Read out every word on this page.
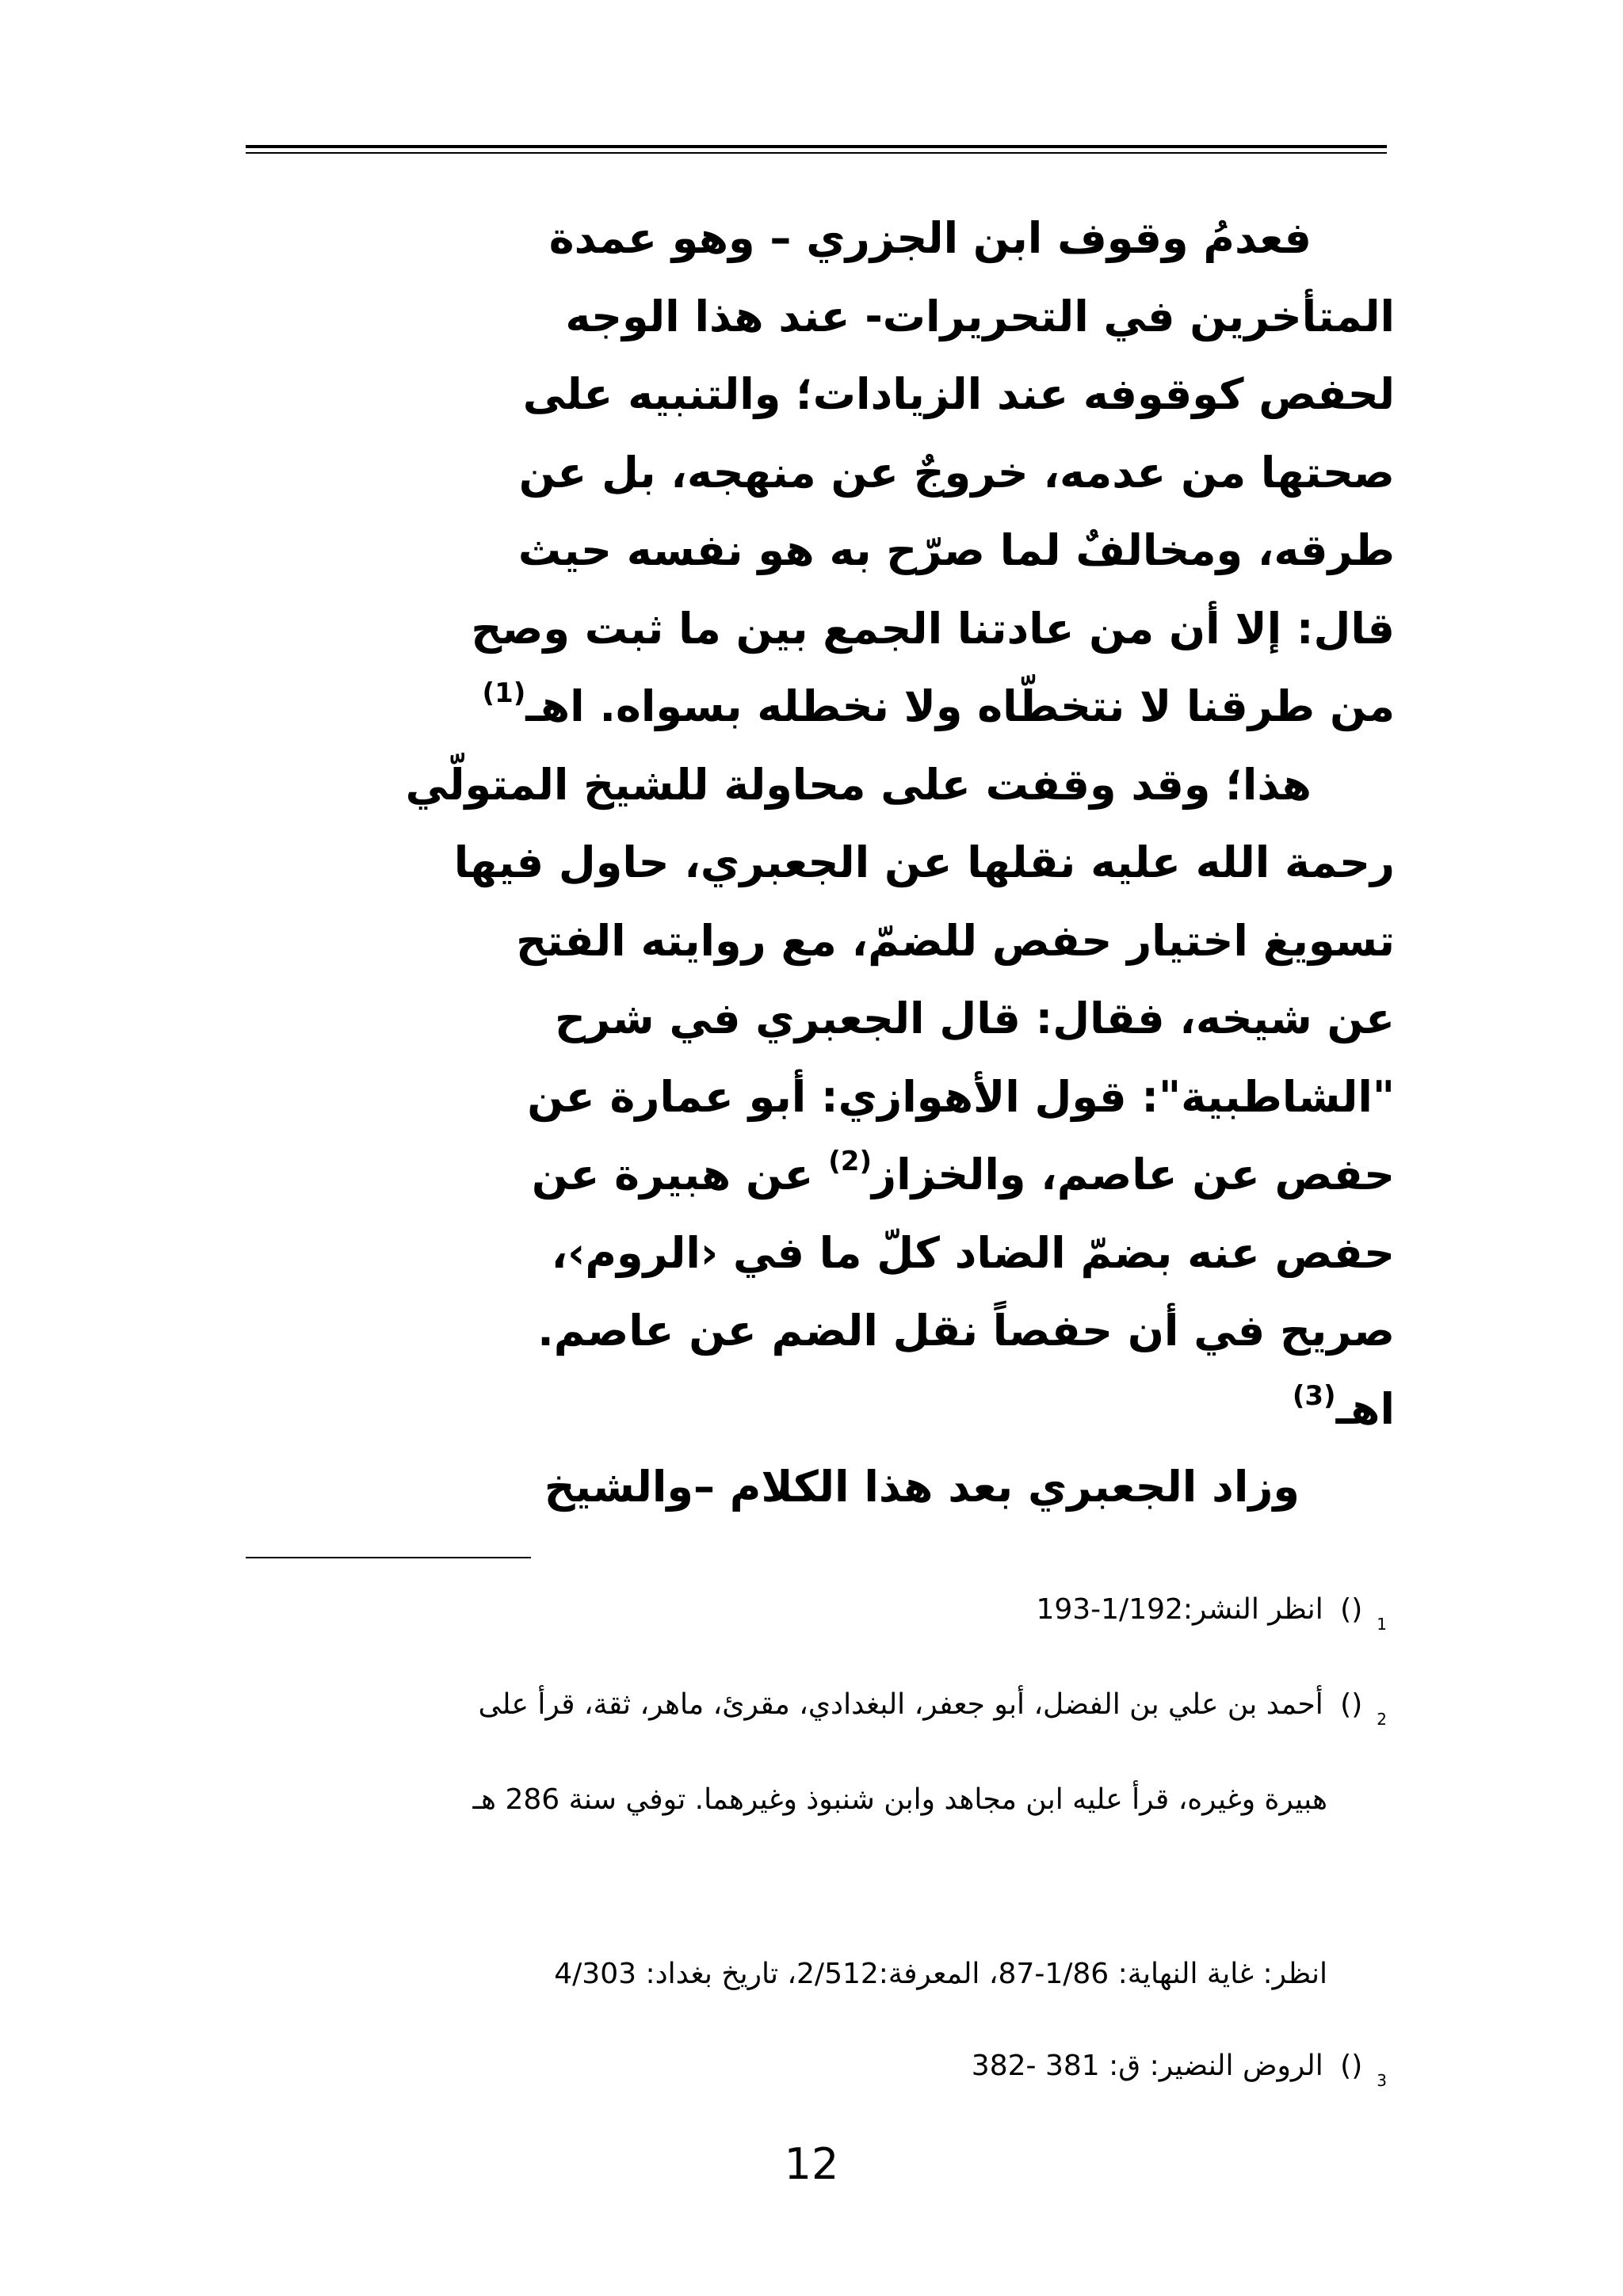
فعدمُ وقوف ابن الجزري – وهو عمدة
المتأخرين في التحريرات- عند هذا الوجه
لحفص كوقوفه عند الزيادات؛ والتنبيه على
صحتها من عدمه، خروجٌ عن منهجه، بل عن
طرقه، ومخالفٌ لما صرّح به هو نفسه حيث
قال: إلا أن من عادتنا الجمع بين ما ثبت وصح
من طرقنا لا نتخطّاه ولا نخطله بسواه. اهـ$^{(1)}$
هذا؛ وقد وقفت على محاولة للشيخ المتولّي
رحمة الله عليه نقلها عن الجعبري، حاول فيها
تسويغ اختيار حفص للضمّ، مع روايته الفتح
عن شيخه، فقال: قال الجعبري في شرح
"الشاطبية": قول الأهوازي: أبو عمارة عن
حفص عن عاصم، والخزاز$^{(2)}$ عن هبيرة عن
حفص عنه بضمّ الضاد كلّ ما في ‹الروم›،
صريح في أن حفصاً نقل الضم عن عاصم.
اهـ$^{(3)}$
وزاد الجعبري بعد هذا الكلام –والشيخ
1() انظر النشر:1/192-193
2() أحمد بن علي بن الفضل، أبو جعفر، البغدادي، مقرئ، ماهر، ثقة، قرأ على
هبيرة وغيره، قرأ عليه ابن مجاهد وابن شنبوذ وغيرهما. توفي سنة 286 هـ
انظر: غاية النهاية: 1/86-87، المعرفة:2/512، تاريخ بغداد: 4/303
3() الروض النضير: ق: 381 -382
12
